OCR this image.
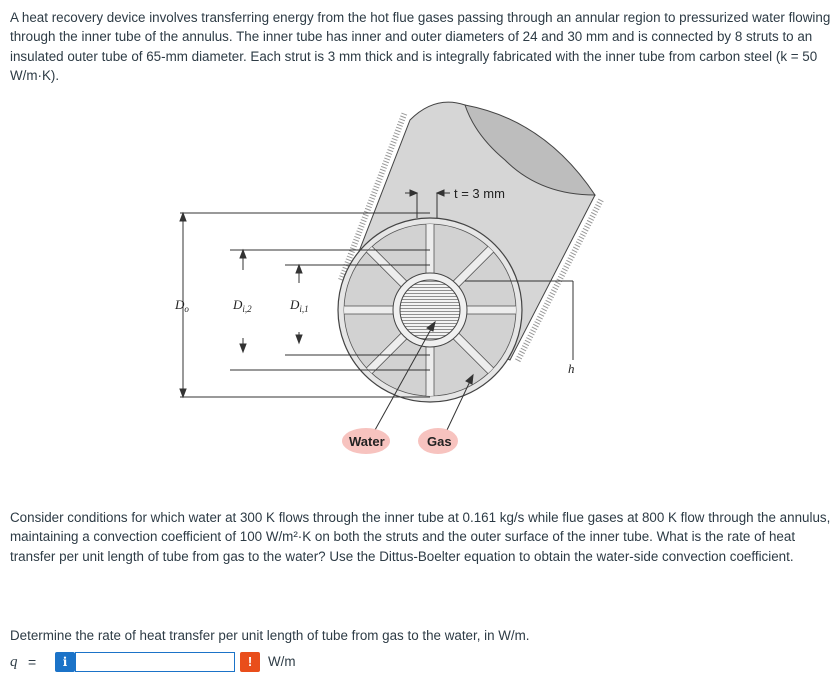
A heat recovery device involves transferring energy from the hot flue gases passing through an annular region to pressurized water flowing through the inner tube of the annulus. The inner tube has inner and outer diameters of 24 and 30 mm and is connected by 8 struts to an insulated outer tube of 65-mm diameter. Each strut is 3 mm thick and is integrally fabricated with the inner tube from carbon steel (k = 50 W/m·K).

t = 3 mm
$D_o$	$D_{i,2}$	$D_{i,1}$
h
Water	Gas

Consider conditions for which water at 300 K flows through the inner tube at 0.161 kg/s while flue gases at 800 K flow through the annulus, maintaining a convection coefficient of 100 W/m²·K on both the struts and the outer surface of the inner tube. What is the rate of heat transfer per unit length of tube from gas to the water? Use the Dittus-Boelter equation to obtain the water-side convection coefficient.

Determine the rate of heat transfer per unit length of tube from gas to the water, in W/m.

q =	i	!	W/m
